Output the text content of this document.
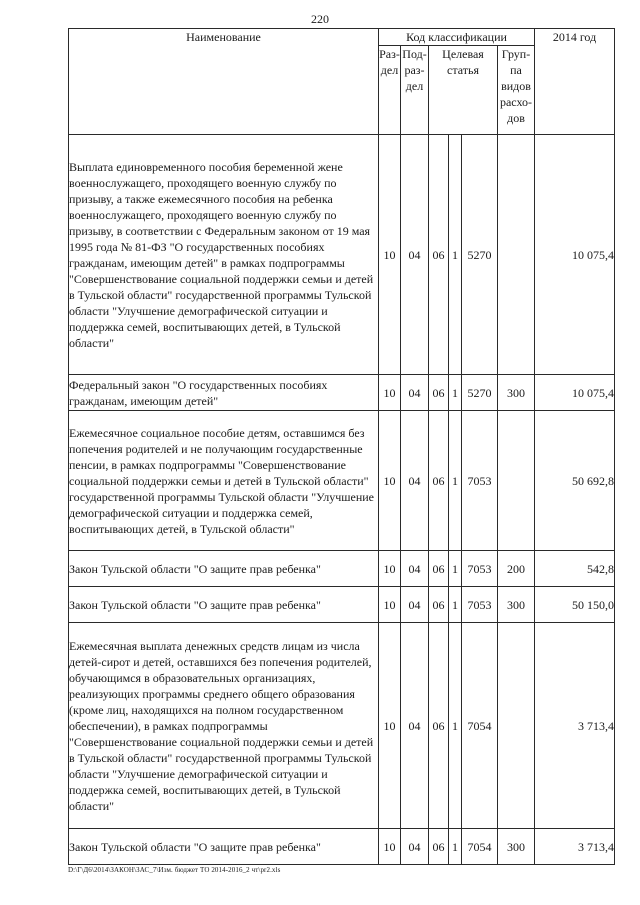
220
Наименование	Код классификации						2014 год
	Раз-дел	Под-раз-дел	Целевая статья			Груп-па видов расхо-дов	
Выплата единовременного пособия беременной жене военнослужащего, проходящего военную службу по призыву, а также ежемесячного пособия на ребенка военнослужащего, проходящего военную службу по призыву, в соответствии с Федеральным законом от 19 мая 1995 года № 81-ФЗ "О государственных пособиях гражданам, имеющим детей" в рамках подпрограммы "Совершенствование социальной поддержки семьи и детей в Тульской области" государственной программы Тульской области "Улучшение демографической ситуации и поддержка семей, воспитывающих детей, в Тульской области"	10	04	06	1	5270		10 075,4
Федеральный закон "О государственных пособиях гражданам, имеющим детей"	10	04	06	1	5270	300	10 075,4
Ежемесячное социальное пособие детям, оставшимся без попечения родителей и не получающим государственные пенсии, в рамках подпрограммы "Совершенствование социальной поддержки семьи и детей в Тульской области" государственной программы Тульской области "Улучшение демографической ситуации и поддержка семей, воспитывающих детей, в Тульской области"	10	04	06	1	7053		50 692,8
Закон Тульской области "О защите прав ребенка"	10	04	06	1	7053	200	542,8
Закон Тульской области "О защите прав ребенка"	10	04	06	1	7053	300	50 150,0
Ежемесячная выплата денежных средств лицам из числа детей-сирот и детей, оставшихся без попечения родителей, обучающимся в образовательных организациях, реализующих программы среднего общего образования (кроме лиц, находящихся на полном государственном обеспечении), в рамках подпрограммы "Совершенствование социальной поддержки семьи и детей в Тульской области" государственной программы Тульской области "Улучшение демографической ситуации и поддержка семей, воспитывающих детей, в Тульской области"	10	04	06	1	7054		3 713,4
Закон Тульской области "О защите прав ребенка"	10	04	06	1	7054	300	3 713,4
D:\Г\Д6\2014\ЗАКОН\ЗАС_7\Изм. бюджет ТО 2014-2016_2 чт\pr2.xls
